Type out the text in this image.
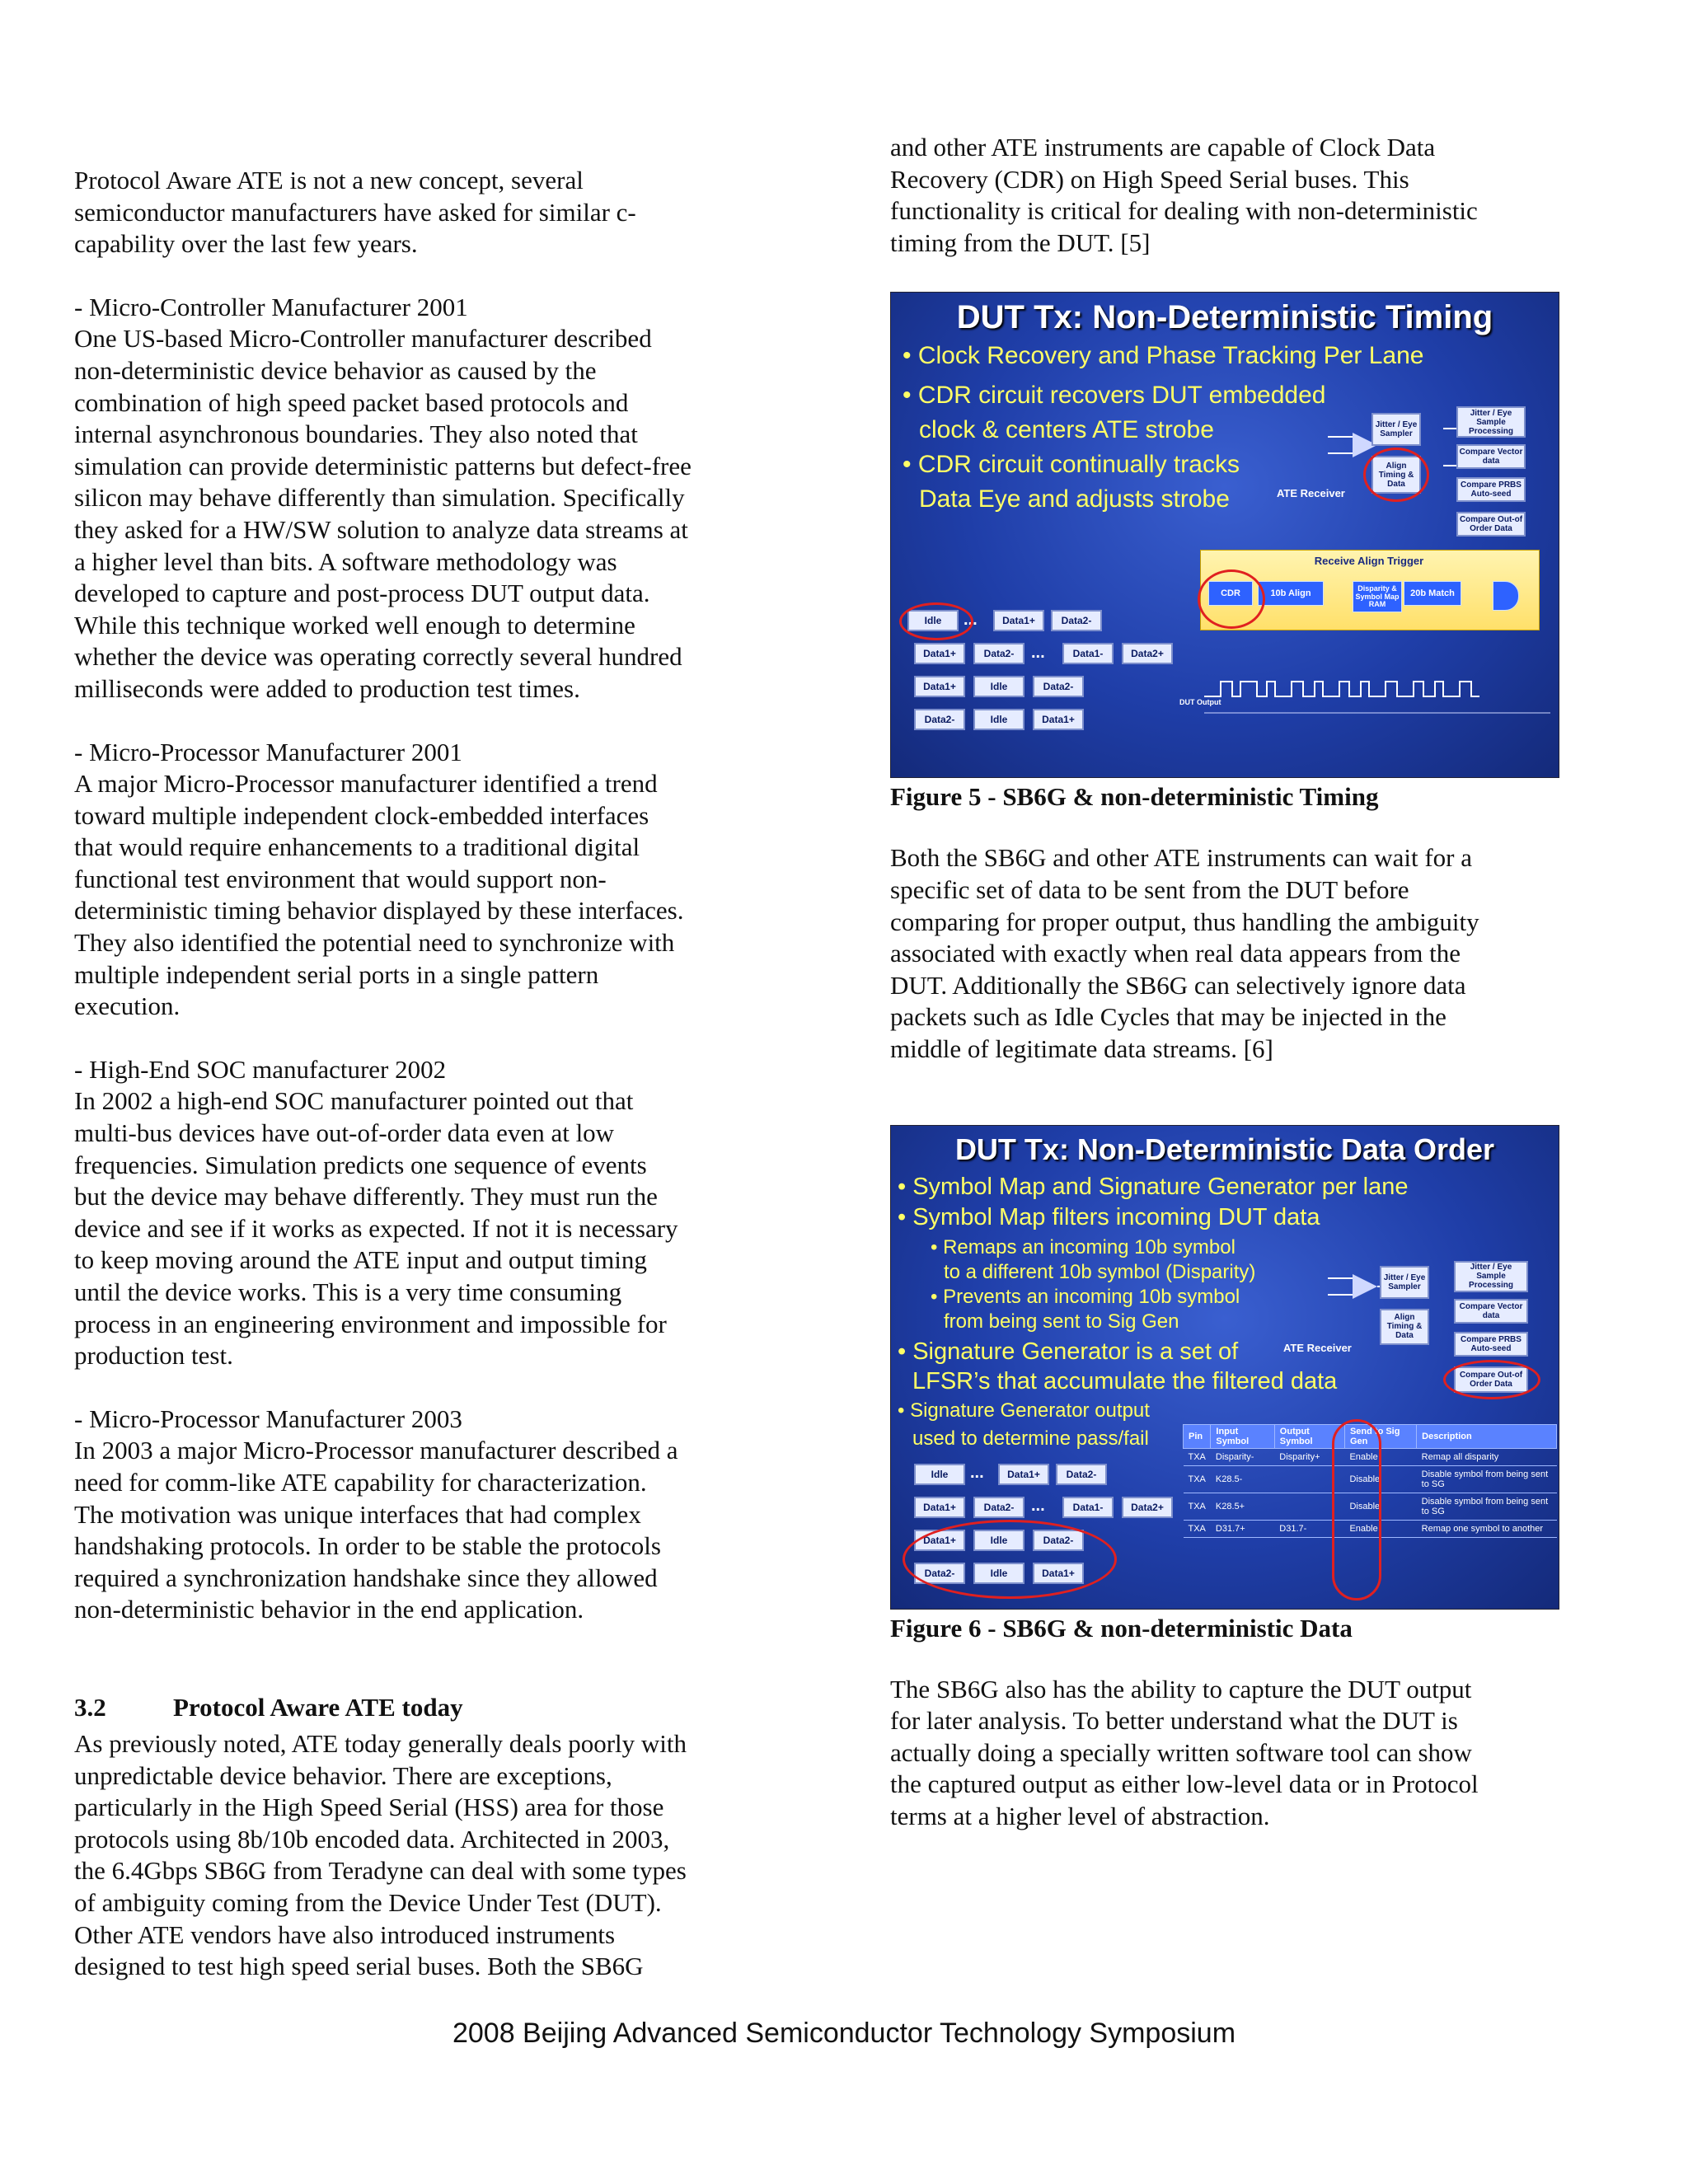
Protocol Aware ATE is not a new concept, several
semiconductor manufacturers have asked for similar c-
capability over the last few years.

- Micro-Controller Manufacturer 2001
One US-based Micro-Controller manufacturer described
non-deterministic device behavior as caused by the
combination of high speed packet based protocols and
internal asynchronous boundaries. They also noted that
simulation can provide deterministic patterns but defect-free
silicon may behave differently than simulation. Specifically
they asked for a HW/SW solution to analyze data streams at
a higher level than bits. A software methodology was
developed to capture and post-process DUT output data.
While this technique worked well enough to determine
whether the device was operating correctly several hundred
milliseconds were added to production test times.

- Micro-Processor Manufacturer 2001
A major Micro-Processor manufacturer identified a trend
toward multiple independent clock-embedded interfaces
that would require enhancements to a traditional digital
functional test environment that would support non-
deterministic timing behavior displayed by these interfaces.
They also identified the potential need to synchronize with
multiple independent serial ports in a single pattern
execution.

- High-End SOC manufacturer 2002
In 2002 a high-end SOC manufacturer pointed out that
multi-bus devices have out-of-order data even at low
frequencies. Simulation predicts one sequence of events
but the device may behave differently. They must run the
device and see if it works as expected. If not it is necessary
to keep moving around the ATE input and output timing
until the device works. This is a very time consuming
process in an engineering environment and impossible for
production test.

- Micro-Processor Manufacturer 2003
In 2003 a major Micro-Processor manufacturer described a
need for comm-like ATE capability for characterization.
The motivation was unique interfaces that had complex
handshaking protocols. In order to be stable the protocols
required a synchronization handshake since they allowed
non-deterministic behavior in the end application.

3.2	Protocol Aware ATE today

As previously noted, ATE today generally deals poorly with
unpredictable device behavior. There are exceptions,
particularly in the High Speed Serial (HSS) area for those
protocols using 8b/10b encoded data. Architected in 2003,
the 6.4Gbps SB6G from Teradyne can deal with some types
of ambiguity coming from the Device Under Test (DUT).
Other ATE vendors have also introduced instruments
designed to test high speed serial buses. Both the SB6G

and other ATE instruments are capable of Clock Data
Recovery (CDR) on High Speed Serial buses. This
functionality is critical for dealing with non-deterministic
timing from the DUT. [5]

DUT Tx: Non-Deterministic Timing
• Clock Recovery and Phase Tracking Per Lane
• CDR circuit recovers DUT embedded
clock & centers ATE strobe
• CDR circuit continually tracks
Data Eye and adjusts strobe	ATE Receiver
Jitter / Eye Sampler
Align Timing & Data
Jitter / Eye Sample Processing
Compare Vector data
Compare PRBS Auto-seed
Compare Out-of Order Data
Receive Align Trigger
CDR	10b Align	Disparity & Symbol Map RAM
20b Match
DUT Output
Idle	...	Data1+	Data2-
Data1+	Data2-	...	Data1-	Data2+
Data1+	Idle	Data2-
Data2-	Idle	Data1+

Figure 5 - SB6G & non-deterministic Timing

Both the SB6G and other ATE instruments can wait for a
specific set of data to be sent from the DUT before
comparing for proper output, thus handling the ambiguity
associated with exactly when real data appears from the
DUT. Additionally the SB6G can selectively ignore data
packets such as Idle Cycles that may be injected in the
middle of legitimate data streams. [6]

DUT Tx: Non-Deterministic Data Order
• Symbol Map and Signature Generator per lane
• Symbol Map filters incoming DUT data
• Remaps an incoming 10b symbol
to a different 10b symbol (Disparity)
• Prevents an incoming 10b symbol
from being sent to Sig Gen
• Signature Generator is a set of
LFSR’s that accumulate the filtered data
• Signature Generator output
used to determine pass/fail
ATE Receiver
Jitter / Eye Sampler
Align Timing & Data
Jitter / Eye Sample Processing
Compare Vector data
Compare PRBS Auto-seed
Compare Out-of Order Data
Pin	Input Symbol	Output Symbol	Send to Sig Gen	Description
TXA	Disparity-	Disparity+	Enable	Remap all disparity
TXA	K28.5-		Disable	Disable symbol from being sent to SG
TXA	K28.5+		Disable	Disable symbol from being sent to SG
TXA	D31.7+	D31.7-	Enable	Remap one symbol to another
Idle	...	Data1+	Data2-
Data1+	Data2-	...	Data1-	Data2+
Data1+	Idle	Data2-
Data2-	Idle	Data1+

Figure 6 - SB6G & non-deterministic Data

The SB6G also has the ability to capture the DUT output
for later analysis. To better understand what the DUT is
actually doing a specially written software tool can show
the captured output as either low-level data or in Protocol
terms at a higher level of abstraction.

2008 Beijing Advanced Semiconductor Technology Symposium
